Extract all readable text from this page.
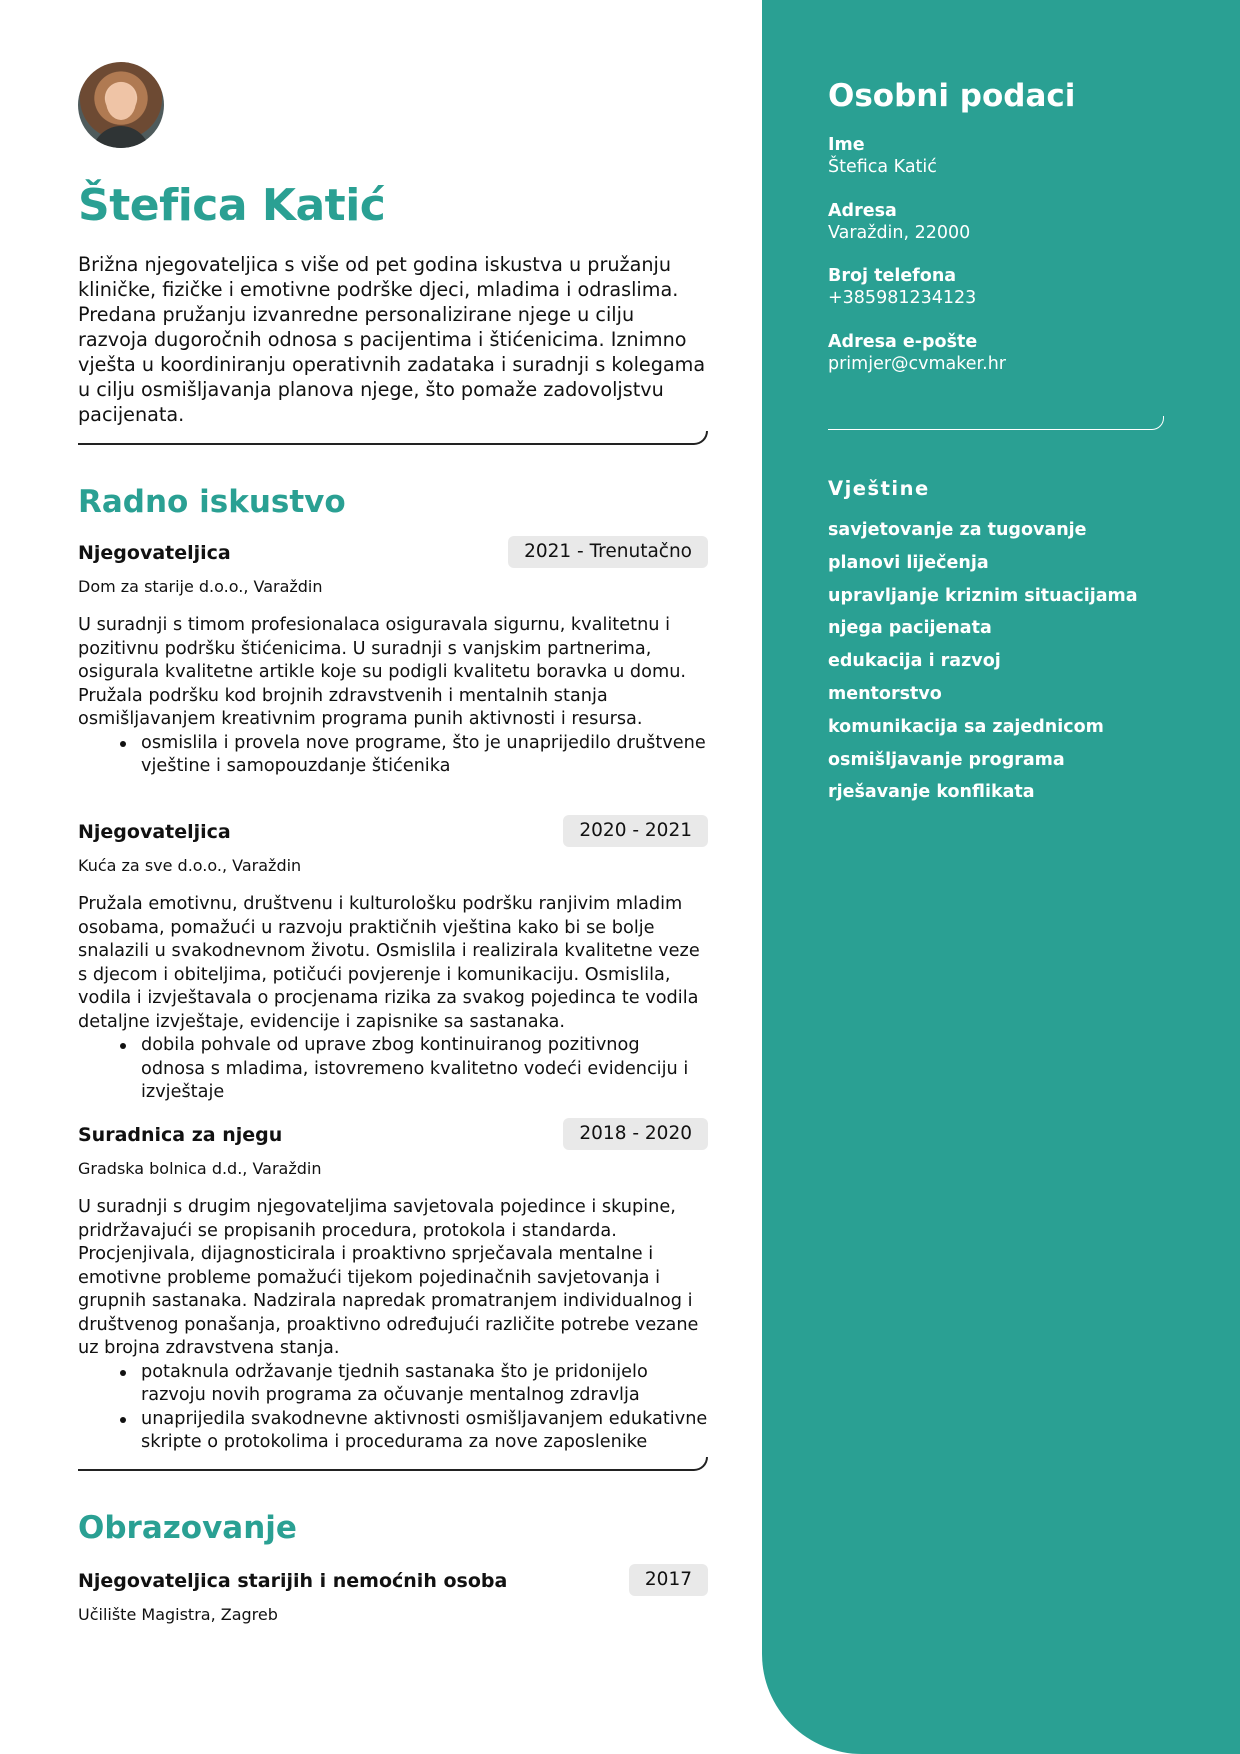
Štefica Katić

Brižna njegovateljica s više od pet godina iskustva u pružanju kliničke, fizičke i emotivne podrške djeci, mladima i odraslima. Predana pružanju izvanredne personalizirane njege u cilju razvoja dugoročnih odnosa s pacijentima i štićenicima. Iznimno vješta u koordiniranju operativnih zadataka i suradnji s kolegama u cilju osmišljavanja planova njege, što pomaže zadovoljstvu pacijenata.

Radno iskustvo
Njegovateljica	2021 - Trenutačno
Dom za starije d.o.o., Varaždin

U suradnji s timom profesionalaca osiguravala sigurnu, kvalitetnu i pozitivnu podršku štićenicima. U suradnji s vanjskim partnerima, osigurala kvalitetne artikle koje su podigli kvalitetu boravka u domu. Pružala podršku kod brojnih zdravstvenih i mentalnih stanja osmišljavanjem kreativnim programa punih aktivnosti i resursa.

osmislila i provela nove programe, što je unaprijedilo društvene vještine i samopouzdanje štićenika
Njegovateljica	2020 - 2021
Kuća za sve d.o.o., Varaždin

Pružala emotivnu, društvenu i kulturološku podršku ranjivim mladim osobama, pomažući u razvoju praktičnih vještina kako bi se bolje snalazili u svakodnevnom životu. Osmislila i realizirala kvalitetne veze s djecom i obiteljima, potičući povjerenje i komunikaciju. Osmislila, vodila i izvještavala o procjenama rizika za svakog pojedinca te vodila detaljne izvještaje, evidencije i zapisnike sa sastanaka.

dobila pohvale od uprave zbog kontinuiranog pozitivnog odnosa s mladima, istovremeno kvalitetno vodeći evidenciju i izvještaje
Suradnica za njegu	2018 - 2020
Gradska bolnica d.d., Varaždin

U suradnji s drugim njegovateljima savjetovala pojedince i skupine, pridržavajući se propisanih procedura, protokola i standarda. Procjenjivala, dijagnosticirala i proaktivno sprječavala mentalne i emotivne probleme pomažući tijekom pojedinačnih savjetovanja i grupnih sastanaka. Nadzirala napredak promatranjem individualnog i društvenog ponašanja, proaktivno određujući različite potrebe vezane uz brojna zdravstvena stanja.

potaknula održavanje tjednih sastanaka što je pridonijelo razvoju novih programa za očuvanje mentalnog zdravlja
unaprijedila svakodnevne aktivnosti osmišljavanjem edukativne skripte o protokolima i procedurama za nove zaposlenike
Obrazovanje
Njegovateljica starijih i nemoćnih osoba	2017
Učilište Magistra, Zagreb
Osobni podaci
Ime
Štefica Katić
Adresa
Varaždin, 22000
Broj telefona
+385981234123
Adresa e-pošte
primjer@cvmaker.hr
Vještine
savjetovanje za tugovanje
planovi liječenja
upravljanje kriznim situacijama
njega pacijenata
edukacija i razvoj
mentorstvo
komunikacija sa zajednicom
osmišljavanje programa
rješavanje konflikata
